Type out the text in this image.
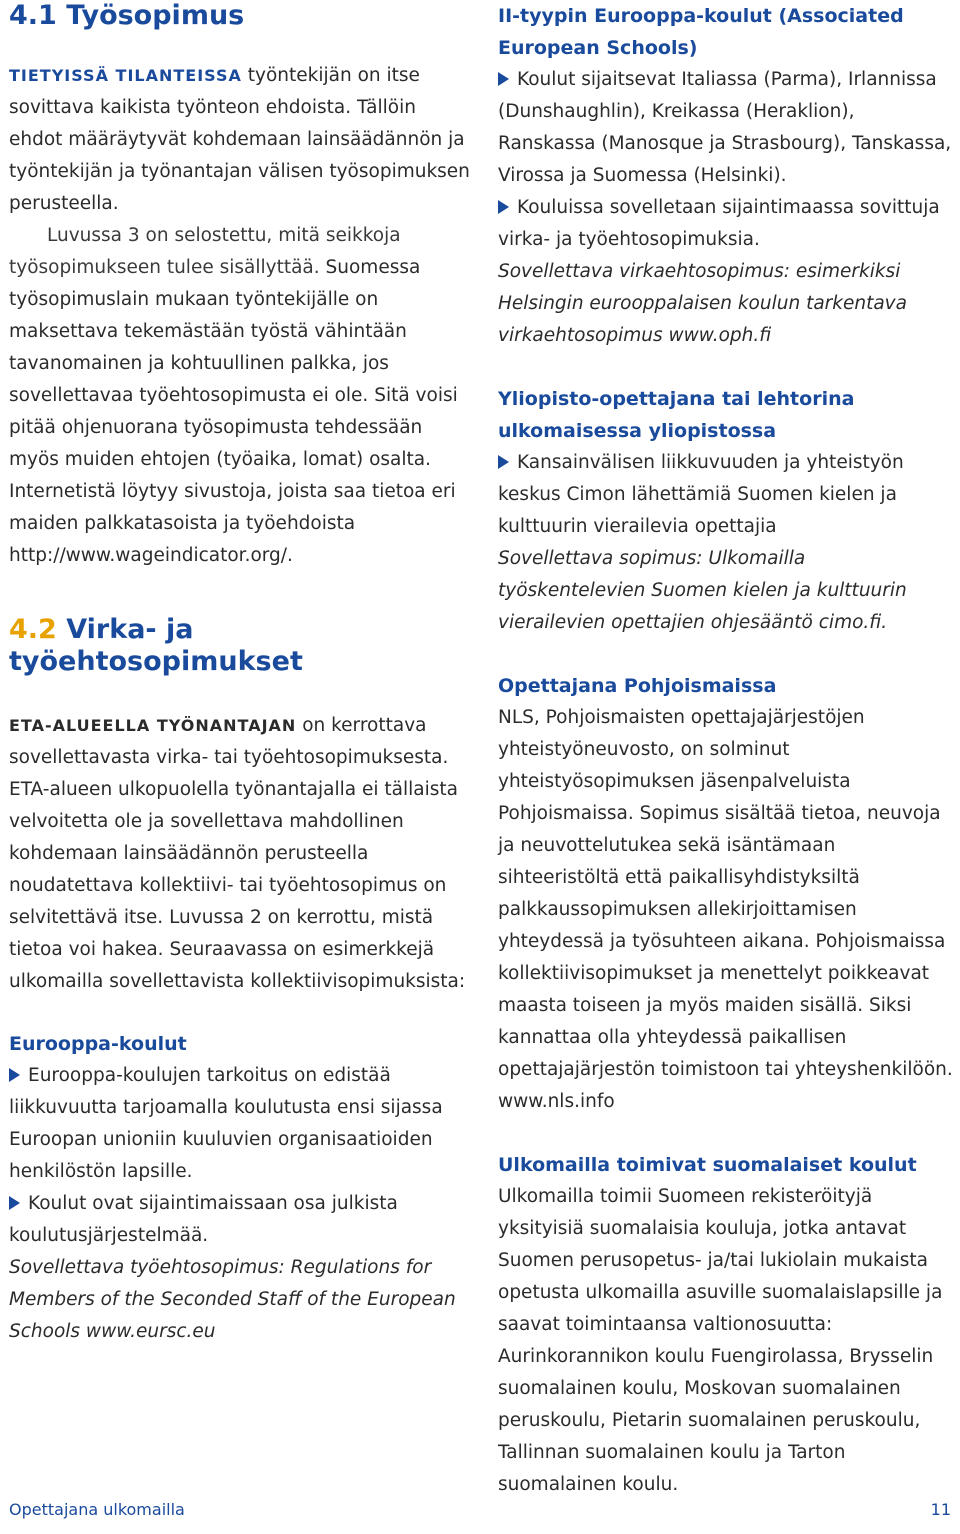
4.1 Työsopimus

TIETYISSÄ TILANTEISSA työntekijän on itse sovittava kaikista työnteon ehdoista. Tällöin ehdot määräytyvät kohdemaan lainsäädännön ja työntekijän ja työnantajan välisen työsopimuksen perusteella.

Luvussa 3 on selostettu, mitä seikkoja työsopimukseen tulee sisällyttää. Suomessa työsopimuslain mukaan työntekijälle on maksettava tekemästään työstä vähintään tavanomainen ja kohtuullinen palkka, jos sovellettavaa työehtosopimusta ei ole. Sitä voisi pitää ohjenuorana työsopimusta tehdessään myös muiden ehtojen (työaika, lomat) osalta. Internetistä löytyy sivustoja, joista saa tietoa eri maiden palkkatasoista ja työehdoista http://www.wageindicator.org/.

4.2 Virka- ja työehtosopimukset

ETA-ALUEELLA TYÖNANTAJAN on kerrottava sovellettavasta virka- tai työehtosopimuksesta. ETA-alueen ulkopuolella työnantajalla ei tällaista velvoitetta ole ja sovellettava mahdollinen kohdemaan lainsäädännön perusteella noudatettava kollektiivi- tai työehtosopimus on selvitettävä itse. Luvussa 2 on kerrottu, mistä tietoa voi hakea. Seuraavassa on esimerkkejä ulkomailla sovellettavista kollektiivisopimuksista:

Eurooppa-koulut

Eurooppa-koulujen tarkoitus on edistää liikkuvuutta tarjoamalla koulutusta ensi sijassa Euroopan unioniin kuuluvien organisaatioiden henkilöstön lapsille.

Koulut ovat sijaintimaissaan osa julkista koulutusjärjestelmää.

Sovellettava työehtosopimus: Regulations for Members of the Seconded Staff of the European Schools www.eursc.eu

II-tyypin Eurooppa-koulut (Associated European Schools)

Koulut sijaitsevat Italiassa (Parma), Irlannissa (Dunshaughlin), Kreikassa (Heraklion), Ranskassa (Manosque ja Strasbourg), Tanskassa, Virossa ja Suomessa (Helsinki).

Kouluissa sovelletaan sijaintimaassa sovittuja virka- ja työehtosopimuksia.

Sovellettava virkaehtosopimus: esimerkiksi Helsingin eurooppalaisen koulun tarkentava virkaehtosopimus www.oph.fi

Yliopisto-opettajana tai lehtorina ulkomaisessa yliopistossa

Kansainvälisen liikkuvuuden ja yhteistyön keskus Cimon lähettämiä Suomen kielen ja kulttuurin vierailevia opettajia

Sovellettava sopimus: Ulkomailla työskentelevien Suomen kielen ja kulttuurin vierailevien opettajien ohjesääntö cimo.fi.

Opettajana Pohjoismaissa

NLS, Pohjoismaisten opettajajärjestöjen yhteistyöneuvosto, on solminut yhteistyösopimuksen jäsenpalveluista Pohjoismaissa. Sopimus sisältää tietoa, neuvoja ja neuvottelutukea sekä isäntämaan sihteeristöltä että paikallisyhdistyksiltä palkkaussopimuksen allekirjoittamisen yhteydessä ja työsuhteen aikana. Pohjoismaissa kollektiivisopimukset ja menettelyt poikkeavat maasta toiseen ja myös maiden sisällä. Siksi kannattaa olla yhteydessä paikallisen opettajajärjestön toimistoon tai yhteyshenkilöön. www.nls.info

Ulkomailla toimivat suomalaiset koulut

Ulkomailla toimii Suomeen rekisteröityjä yksityisiä suomalaisia kouluja, jotka antavat Suomen perusopetus- ja/tai lukiolain mukaista opetusta ulkomailla asuville suomalaislapsille ja saavat toimintaansa valtionosuutta: Aurinkorannikon koulu Fuengirolassa, Brysselin suomalainen koulu, Moskovan suomalainen peruskoulu, Pietarin suomalainen peruskoulu, Tallinnan suomalainen koulu ja Tarton suomalainen koulu.

Opettajana ulkomailla	11
